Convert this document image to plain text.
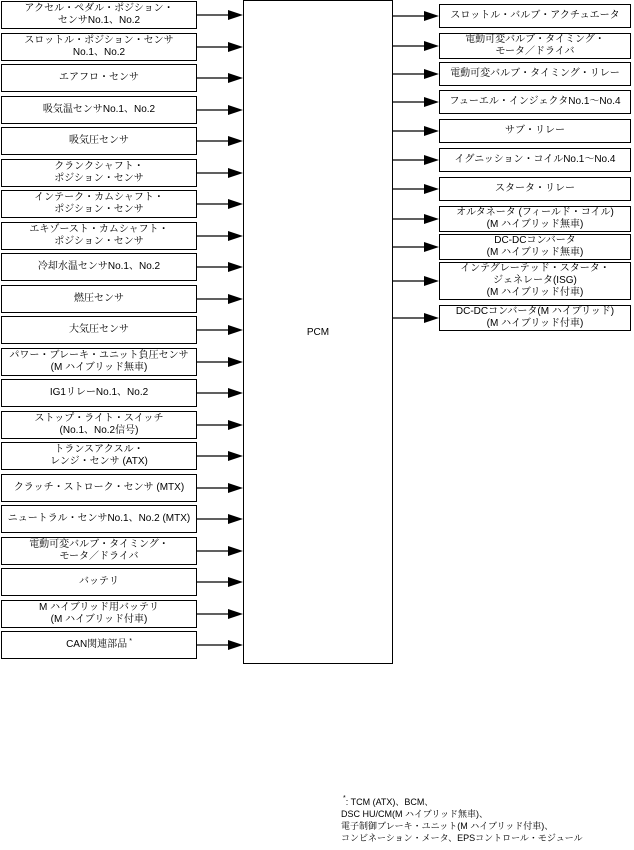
PCM
アクセル・ペダル・ポジション・
センサNo.1、No.2
スロットル・ポジション・センサ
No.1、No.2
エアフロ・センサ
吸気温センサNo.1、No.2
吸気圧センサ
クランクシャフト・
ポジション・センサ
インテーク・カムシャフト・
ポジション・センサ
エキゾースト・カムシャフト・
ポジション・センサ
冷却水温センサNo.1、No.2
燃圧センサ
大気圧センサ
パワー・ブレーキ・ユニット負圧センサ
(M ハイブリッド無車)
IG1リレーNo.1、No.2
ストップ・ライト・スイッチ
(No.1、No.2信号)
トランスアクスル・
レンジ・センサ (ATX)
クラッチ・ストローク・センサ (MTX)
ニュートラル・センサNo.1、No.2 (MTX)
電動可変バルブ・タイミング・
モータ／ドライバ
バッテリ
M ハイブリッド用バッテリ
(M ハイブリッド付車)
CAN関連部品 *
スロットル・バルブ・アクチュエータ
電動可変バルブ・タイミング・
モータ／ドライバ
電動可変バルブ・タイミング・リレー
フューエル・インジェクタNo.1～No.4
サブ・リレー
イグニッション・コイルNo.1～No.4
スタータ・リレー
オルタネータ (フィールド・コイル)
(M ハイブリッド無車)
DC-DCコンバータ
(M ハイブリッド無車)
インテグレーテッド・スタータ・
ジェネレータ(ISG)
(M ハイブリッド付車)
DC-DCコンバータ(M ハイブリッド)
(M ハイブリッド付車)
*: TCM (ATX)、BCM、
DSC HU/CM(M ハイブリッド無車)、
電子制御ブレーキ・ユニット(M ハイブリッド付車)、
コンビネーション・メータ、EPSコントロール・モジュール
